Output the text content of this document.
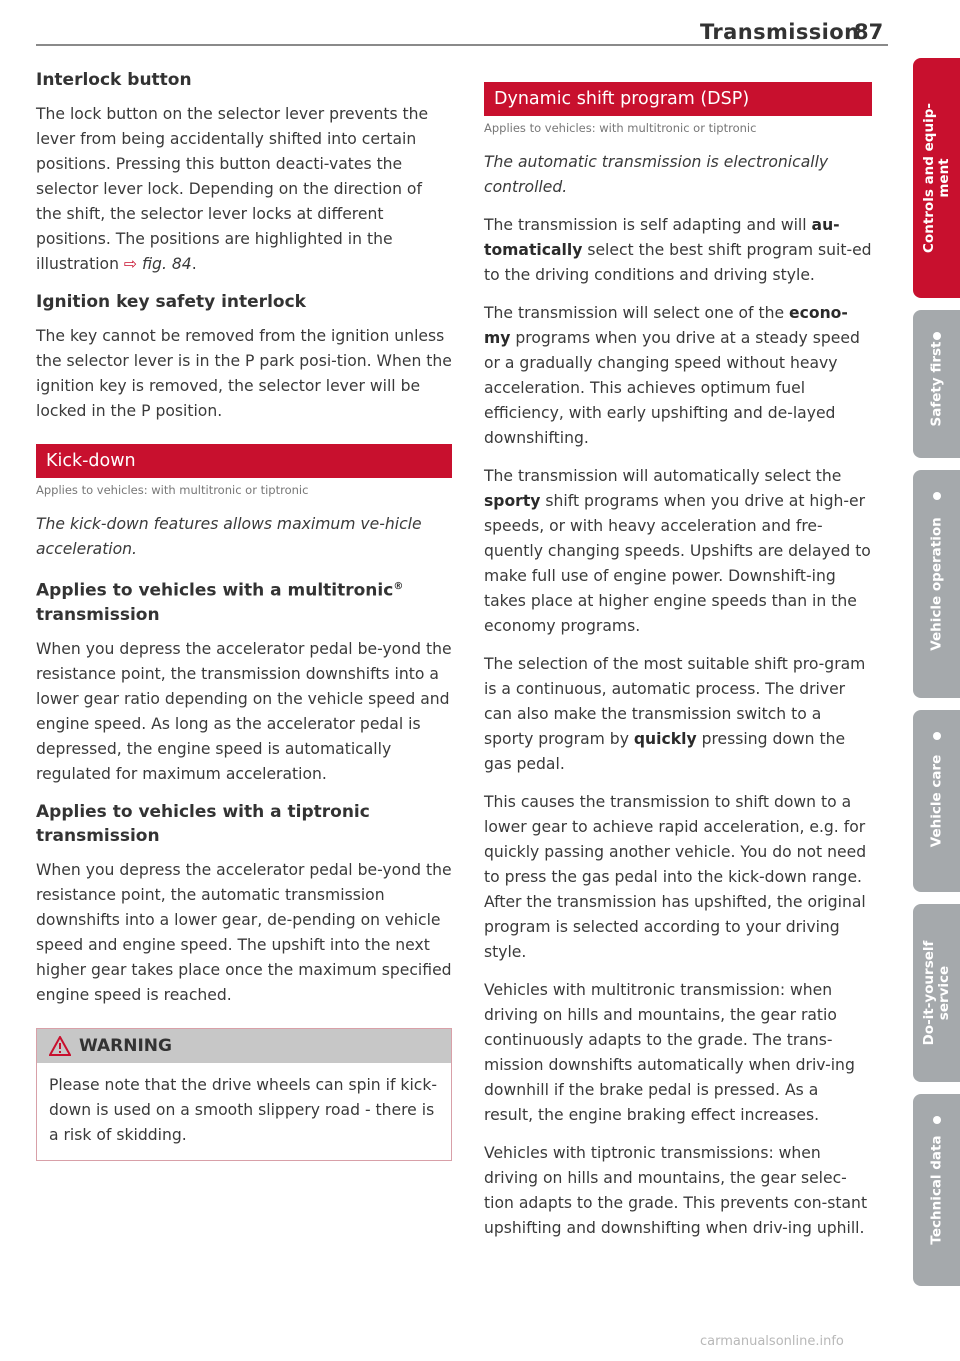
Transmission
87
Interlock button

The lock button on the selector lever prevents the lever from being accidentally shifted into certain positions. Pressing this button deacti-vates the selector lever lock. Depending on the direction of the shift, the selector lever locks at different positions. The positions are highlighted in the illustration ⇨ fig. 84.

Ignition key safety interlock

The key cannot be removed from the ignition unless the selector lever is in the P park posi-tion. When the ignition key is removed, the selector lever will be locked in the P position.

Kick-down
Applies to vehicles: with multitronic or tiptronic

The kick-down features allows maximum ve-hicle acceleration.

Applies to vehicles with a multitronic®
transmission

When you depress the accelerator pedal be-yond the resistance point, the transmission downshifts into a lower gear ratio depending on the vehicle speed and engine speed. As long as the accelerator pedal is depressed, the engine speed is automatically regulated for maximum acceleration.

Applies to vehicles with a tiptronic
transmission

When you depress the accelerator pedal be-yond the resistance point, the automatic transmission downshifts into a lower gear, de-pending on vehicle speed and engine speed. The upshift into the next higher gear takes place once the maximum specified engine speed is reached.

WARNING
Please note that the drive wheels can spin if kick-down is used on a smooth slippery road - there is a risk of skidding.
Dynamic shift program (DSP)
Applies to vehicles: with multitronic or tiptronic

The automatic transmission is electronically controlled.

The transmission is self adapting and will au-tomatically select the best shift program suit-ed to the driving conditions and driving style.

The transmission will select one of the econo-my programs when you drive at a steady speed or a gradually changing speed without heavy acceleration. This achieves optimum fuel efficiency, with early upshifting and de-layed downshifting.

The transmission will automatically select the sporty shift programs when you drive at high-er speeds, or with heavy acceleration and fre-quently changing speeds. Upshifts are delayed to make full use of engine power. Downshift-ing takes place at higher engine speeds than in the economy programs.

The selection of the most suitable shift pro-gram is a continuous, automatic process. The driver can also make the transmission switch to a sporty program by quickly pressing down the gas pedal.

This causes the transmission to shift down to a lower gear to achieve rapid acceleration, e.g. for quickly passing another vehicle. You do not need to press the gas pedal into the kick-down range. After the transmission has upshifted, the original program is selected according to your driving style.

Vehicles with multitronic transmission: when driving on hills and mountains, the gear ratio continuously adapts to the grade. The trans-mission downshifts automatically when driv-ing downhill if the brake pedal is pressed. As a result, the engine braking effect increases.

Vehicles with tiptronic transmissions: when driving on hills and mountains, the gear selec-tion adapts to the grade. This prevents con-stant upshifting and downshifting when driv-ing uphill.

Controls and equip- ment
Safety first
Vehicle operation
Vehicle care
Do-it-yourself service
Technical data
carmanualsonline.info
